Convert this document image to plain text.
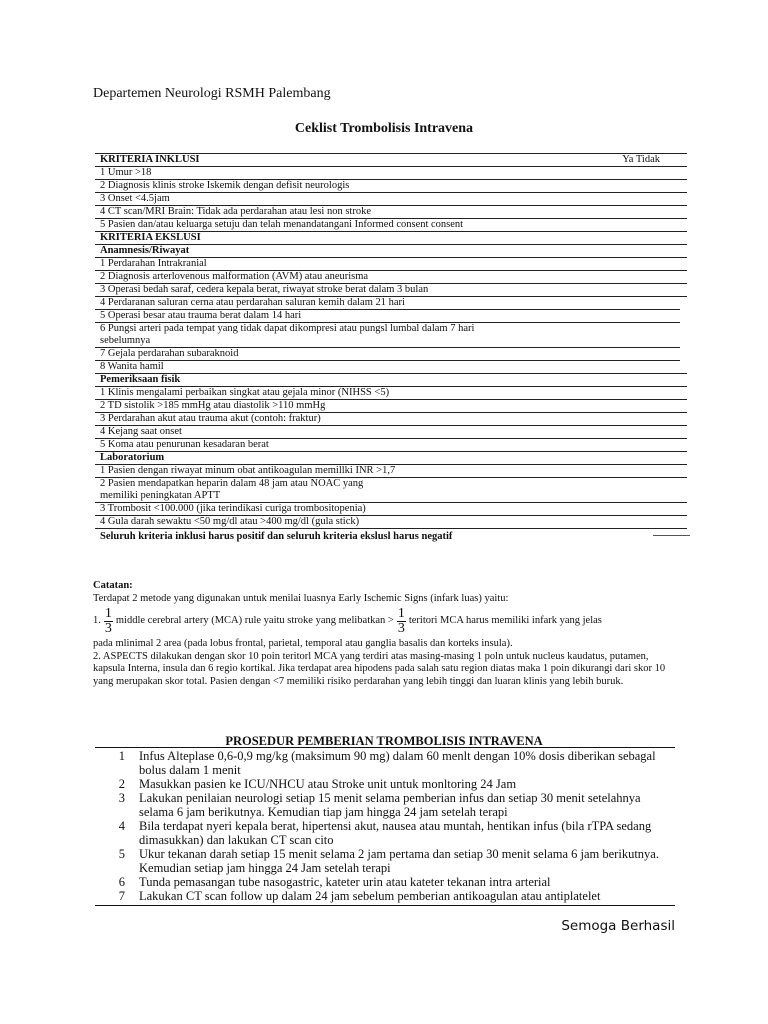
Departemen Neurologi RSMH Palembang
Ceklist Trombolisis Intravena
KRITERIA INKLUSI	Ya Tidak
1 Umur >18
2 Diagnosis klinis stroke Iskemik dengan defisit neurologis
3 Onset <4.5jam
4 CT scan/MRI Brain: Tidak ada perdarahan atau lesi non stroke
5 Pasien dan/atau keluarga setuju dan telah menandatangani Informed consent consent
KRITERIA EKSLUSI
Anamnesis/Riwayat
1 Perdarahan Intrakranial
2 Diagnosis arterlovenous malformation (AVM) atau aneurisma
3 Operasi bedah saraf, cedera kepala berat, riwayat stroke berat dalam 3 bulan
4 Perdaranan saluran cerna atau perdarahan saluran kemih dalam 21 hari
5 Operasi besar atau trauma berat dalam 14 hari
6 Pungsi arteri pada tempat yang tidak dapat dikompresi atau pungsl lumbal dalam 7 hari sebelumnya
7 Gejala perdarahan subaraknoid
8 Wanita hamil
Pemeriksaan fisik
1 Klinis mengalami perbaikan singkat atau gejala minor (NIHSS <5)
2 TD sistolik >185 mmHg atau diastolik >110 mmHg
3 Perdarahan akut atau trauma akut (contoh: fraktur)
4 Kejang saat onset
5 Koma atau penurunan kesadaran berat
Laboratorium
1 Pasien dengan riwayat minum obat antikoagulan memillki INR >1,7
2 Pasien mendapatkan heparin dalam 48 jam atau NOAC yang memiliki peningkatan APTT
3 Trombosit <100.000 (jika terindikasi curiga trombositopenia)
4 Gula darah sewaktu <50 mg/dl atau >400 mg/dl (gula stick)
Seluruh kriteria inklusi harus positif dan seluruh kriteria ekslusl harus negatif
Catatan:
Terdapat 2 metode yang digunakan untuk menilai luasnya Early Ischemic Signs (infark luas) yaitu:
1. $\frac{1}{3}$ middle cerebral artery (MCA) rule yaitu stroke yang melibatkan > $\frac{1}{3}$ teritori MCA harus memiliki infark yang jelas
pada mlinimal 2 area (pada lobus frontal, parietal, temporal atau ganglia basalis dan korteks insula).
2. ASPECTS dilakukan dengan skor 10 poin teritorl MCA yang terdiri atas masing-masing 1 poln untuk nucleus kaudatus, putamen, kapsula Interna, insula dan 6 regio kortikal. Jika terdapat area hipodens pada salah satu region diatas maka 1 poin dikurangi dari skor 10 yang merupakan skor total. Pasien dengan <7 memiliki risiko perdarahan yang lebih tinggi dan luaran klinis yang lebih buruk.
PROSEDUR PEMBERIAN TROMBOLISIS INTRAVENA
1	Infus Alteplase 0,6-0,9 mg/kg (maksimum 90 mg) dalam 60 menlt dengan 10% dosis diberikan sebagal bolus dalam 1 menit
2	Masukkan pasien ke ICU/NHCU atau Stroke unit untuk monltoring 24 Jam
3	Lakukan penilaian neurologi setiap 15 menit selama pemberian infus dan setiap 30 menit setelahnya selama 6 jam berikutnya. Kemudian tiap jam hingga 24 jam setelah terapi
4	Bila terdapat nyeri kepala berat, hipertensi akut, nausea atau muntah, hentikan infus (bila rTPA sedang dimasukkan) dan lakukan CT scan cito
5	Ukur tekanan darah setiap 15 menit selama 2 jam pertama dan setiap 30 menit selama 6 jam berikutnya. Kemudian setiap jam hingga 24 Jam setelah terapi
6	Tunda pemasangan tube nasogastric, kateter urin atau kateter tekanan intra arterial
7	Lakukan CT scan follow up dalam 24 jam sebelum pemberian antikoagulan atau antiplatelet
Semoga Berhasil
